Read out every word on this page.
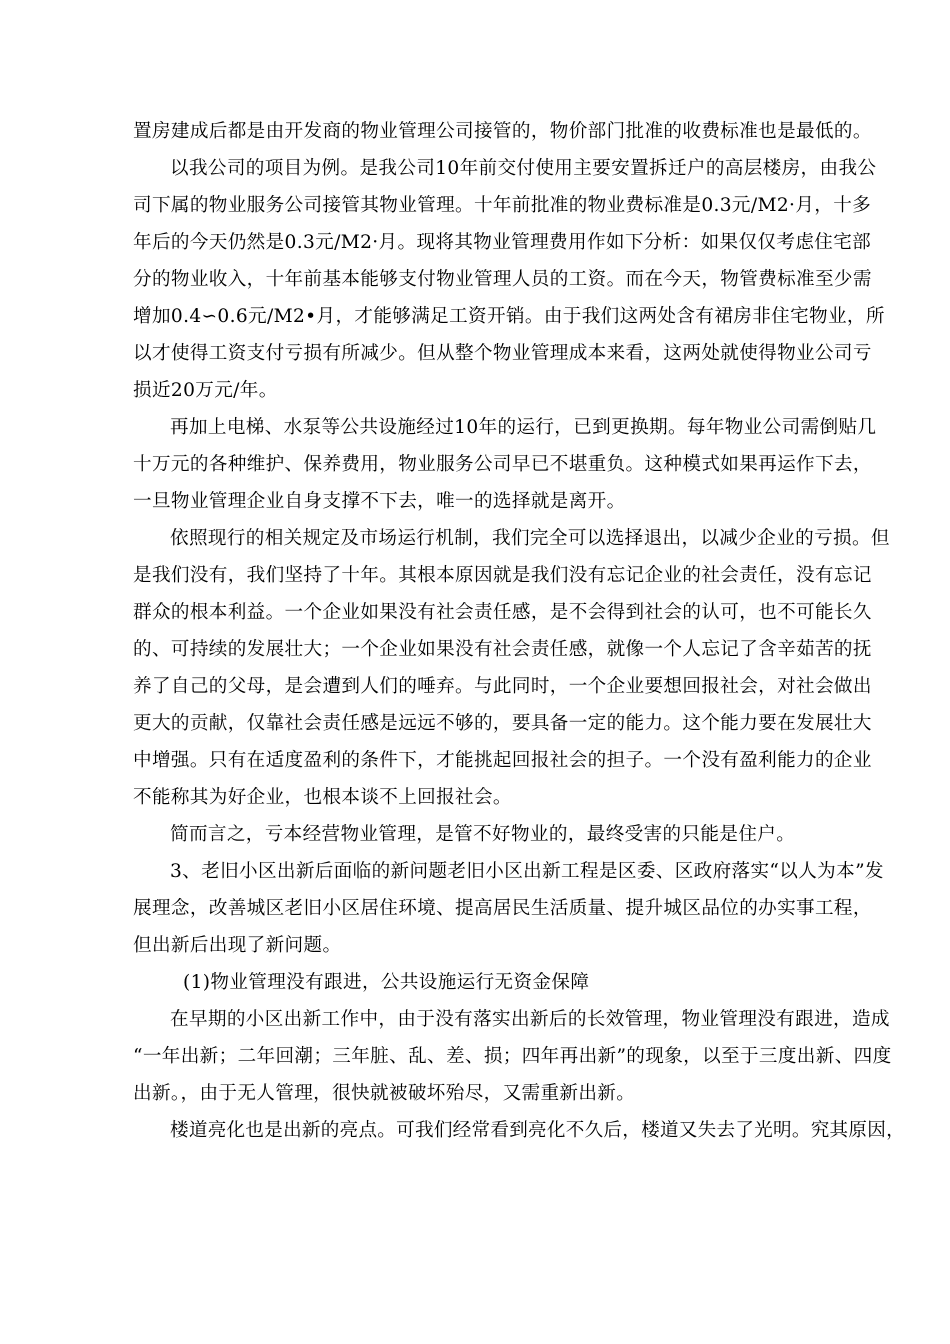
置房建成后都是由开发商的物业管理公司接管的，物价部门批准的收费标准也是最低的。
以我公司的项目为例。是我公司10年前交付使用主要安置拆迁户的高层楼房，由我公
司下属的物业服务公司接管其物业管理。十年前批准的物业费标准是0.3元/M2·月，十多
年后的今天仍然是0.3元/M2·月。现将其物业管理费用作如下分析：如果仅仅考虑住宅部
分的物业收入，十年前基本能够支付物业管理人员的工资。而在今天，物管费标准至少需
增加0.4∽0.6元/M2•月，才能够满足工资开销。由于我们这两处含有裙房非住宅物业，所
以才使得工资支付亏损有所减少。但从整个物业管理成本来看，这两处就使得物业公司亏
损近20万元/年。
再加上电梯、水泵等公共设施经过10年的运行，已到更换期。每年物业公司需倒贴几
十万元的各种维护、保养费用，物业服务公司早已不堪重负。这种模式如果再运作下去，
一旦物业管理企业自身支撑不下去，唯一的选择就是离开。
依照现行的相关规定及市场运行机制，我们完全可以选择退出，以减少企业的亏损。但
是我们没有，我们坚持了十年。其根本原因就是我们没有忘记企业的社会责任，没有忘记
群众的根本利益。一个企业如果没有社会责任感，是不会得到社会的认可，也不可能长久
的、可持续的发展壮大；一个企业如果没有社会责任感，就像一个人忘记了含辛茹苦的抚
养了自己的父母，是会遭到人们的唾弃。与此同时，一个企业要想回报社会，对社会做出
更大的贡献，仅靠社会责任感是远远不够的，要具备一定的能力。这个能力要在发展壮大
中增强。只有在适度盈利的条件下，才能挑起回报社会的担子。一个没有盈利能力的企业
不能称其为好企业，也根本谈不上回报社会。
简而言之，亏本经营物业管理，是管不好物业的，最终受害的只能是住户。
3、老旧小区出新后面临的新问题老旧小区出新工程是区委、区政府落实“以人为本”发
展理念，改善城区老旧小区居住环境、提高居民生活质量、提升城区品位的办实事工程，
但出新后出现了新问题。
(1)物业管理没有跟进，公共设施运行无资金保障
在早期的小区出新工作中，由于没有落实出新后的长效管理，物业管理没有跟进，造成
“一年出新；二年回潮；三年脏、乱、差、损；四年再出新”的现象，以至于三度出新、四度
出新。，由于无人管理，很快就被破坏殆尽，又需重新出新。
楼道亮化也是出新的亮点。可我们经常看到亮化不久后，楼道又失去了光明。究其原因，
